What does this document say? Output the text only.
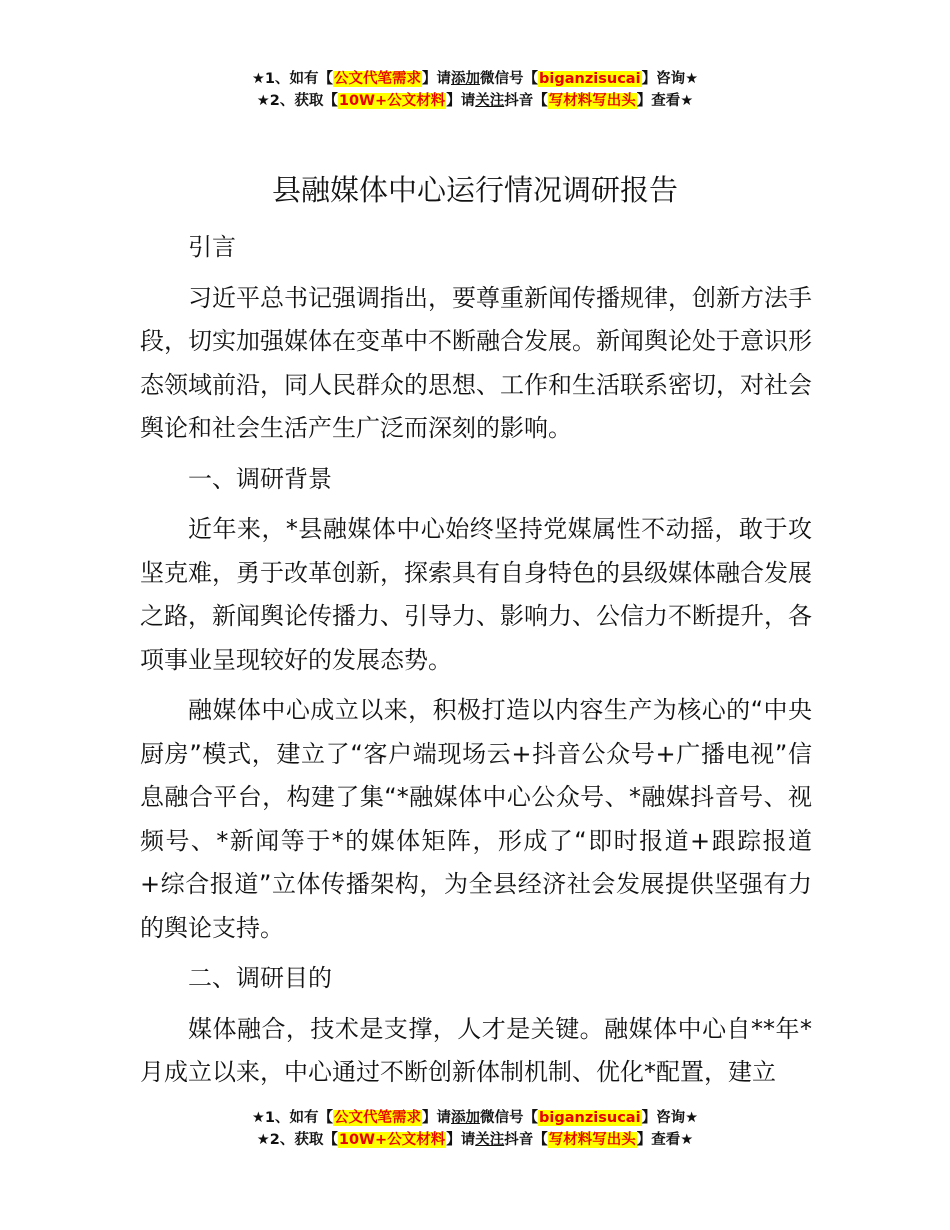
★1、如有【公文代笔需求】请添加微信号【biganzisucai】咨询★
★2、获取【10W+公文材料】请关注抖音【写材料写出头】查看★
县融媒体中心运行情况调研报告

引言

习近平总书记强调指出，要尊重新闻传播规律，创新方法手段，切实加强媒体在变革中不断融合发展。新闻舆论处于意识形态领域前沿，同人民群众的思想、工作和生活联系密切，对社会舆论和社会生活产生广泛而深刻的影响。

一、调研背景

近年来，*县融媒体中心始终坚持党媒属性不动摇，敢于攻坚克难，勇于改革创新，探索具有自身特色的县级媒体融合发展之路，新闻舆论传播力、引导力、影响力、公信力不断提升，各项事业呈现较好的发展态势。

融媒体中心成立以来，积极打造以内容生产为核心的“中央厨房”模式，建立了“客户端现场云+抖音公众号+广播电视”信息融合平台，构建了集“*融媒体中心公众号、*融媒抖音号、视频号、*新闻等于*的媒体矩阵，形成了“即时报道+跟踪报道+综合报道”立体传播架构，为全县经济社会发展提供坚强有力的舆论支持。

二、调研目的

媒体融合，技术是支撑，人才是关键。融媒体中心自**年*月成立以来，中心通过不断创新体制机制、优化*配置，建立

★1、如有【公文代笔需求】请添加微信号【biganzisucai】咨询★
★2、获取【10W+公文材料】请关注抖音【写材料写出头】查看★
